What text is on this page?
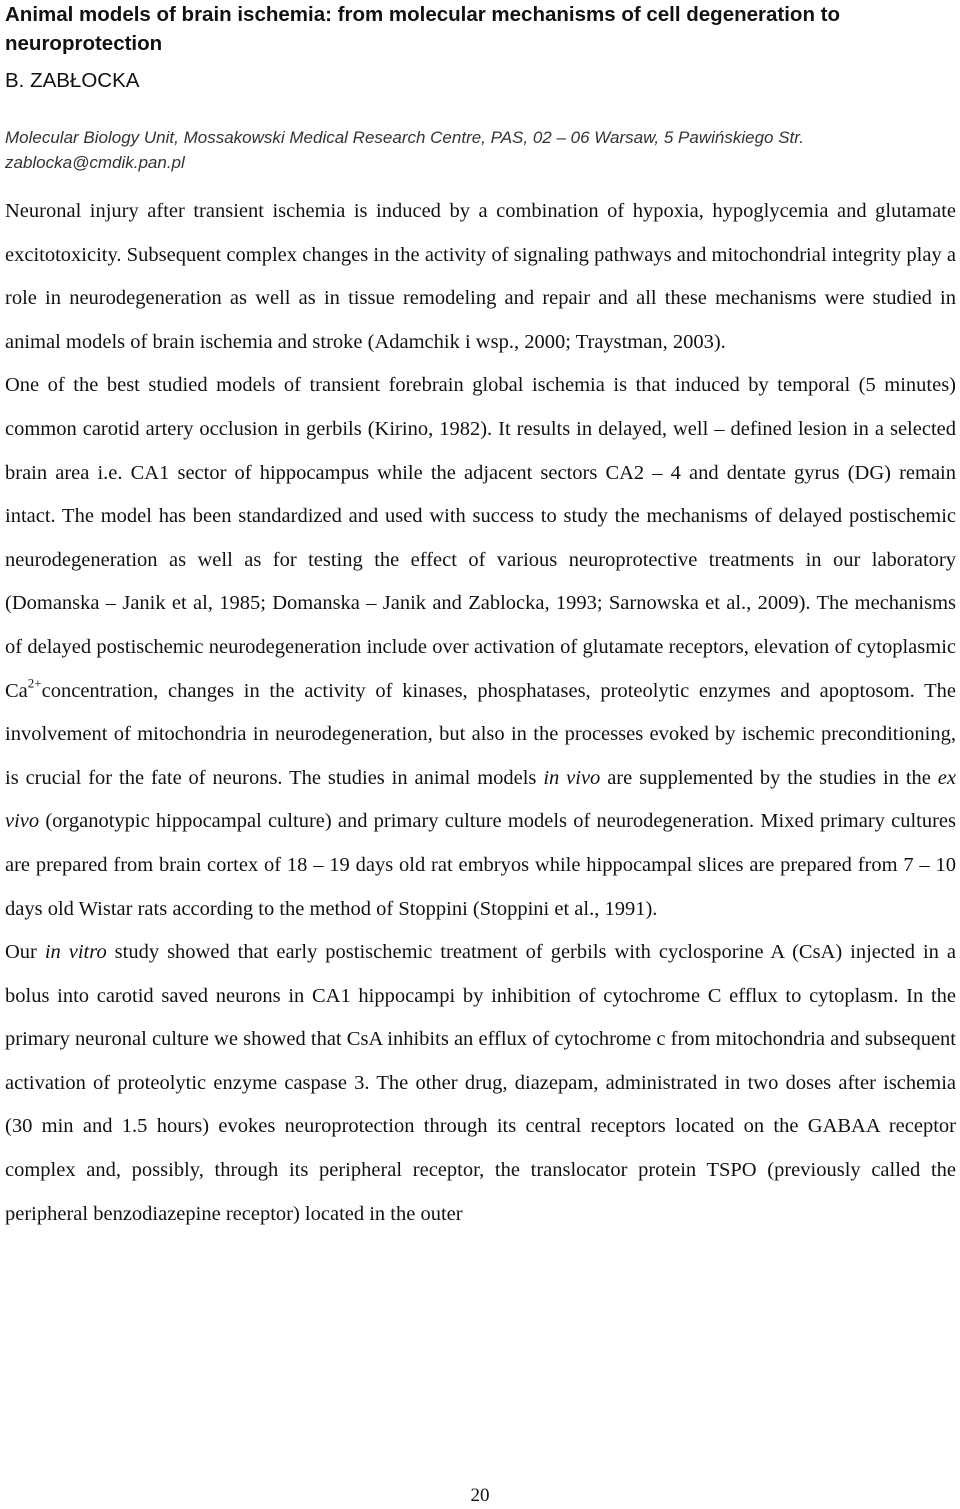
Animal models of brain ischemia: from molecular mechanisms of cell degeneration to neuroprotection
B. ZABŁOCKA
Molecular Biology Unit, Mossakowski Medical Research Centre, PAS, 02 – 06 Warsaw, 5 Pawińskiego Str.
zablocka@cmdik.pan.pl

Neuronal injury after transient ischemia is induced by a combination of hypoxia, hypoglycemia and glutamate excitotoxicity. Subsequent complex changes in the activity of signaling pathways and mitochondrial integrity play a role in neurodegeneration as well as in tissue remodeling and repair and all these mechanisms were studied in animal models of brain ischemia and stroke (Adamchik i wsp., 2000; Traystman, 2003).

One of the best studied models of transient forebrain global ischemia is that induced by temporal (5 minutes) common carotid artery occlusion in gerbils (Kirino, 1982). It results in delayed, well – defined lesion in a selected brain area i.e. CA1 sector of hippocampus while the adjacent sectors CA2 – 4 and dentate gyrus (DG) remain intact. The model has been standardized and used with success to study the mechanisms of delayed postischemic neurodegeneration as well as for testing the effect of various neuroprotective treatments in our laboratory (Domanska – Janik et al, 1985; Domanska – Janik and Zablocka, 1993; Sarnowska et al., 2009). The mechanisms of delayed postischemic neurodegeneration include over activation of glutamate receptors, elevation of cytoplasmic $Ca^{2+}concentration$, changes in the activity of kinases, phosphatases, proteolytic enzymes and apoptosom. The involvement of mitochondria in neurodegeneration, but also in the processes evoked by ischemic preconditioning, is crucial for the fate of neurons. The studies in animal models in vivo are supplemented by the studies in the ex vivo (organotypic hippocampal culture) and primary culture models of neurodegeneration. Mixed primary cultures are prepared from brain cortex of 18 – 19 days old rat embryos while hippocampal slices are prepared from 7 – 10 days old Wistar rats according to the method of Stoppini (Stoppini et al., 1991).

Our in vitro study showed that early postischemic treatment of gerbils with cyclosporine A (CsA) injected in a bolus into carotid saved neurons in CA1 hippocampi by inhibition of cytochrome C efflux to cytoplasm. In the primary neuronal culture we showed that CsA inhibits an efflux of cytochrome c from mitochondria and subsequent activation of proteolytic enzyme caspase 3. The other drug, diazepam, administrated in two doses after ischemia (30 min and 1.5 hours) evokes neuroprotection through its central receptors located on the GABAA receptor complex and, possibly, through its peripheral receptor, the translocator protein TSPO (previously called the peripheral benzodiazepine receptor) located in the outer

20
